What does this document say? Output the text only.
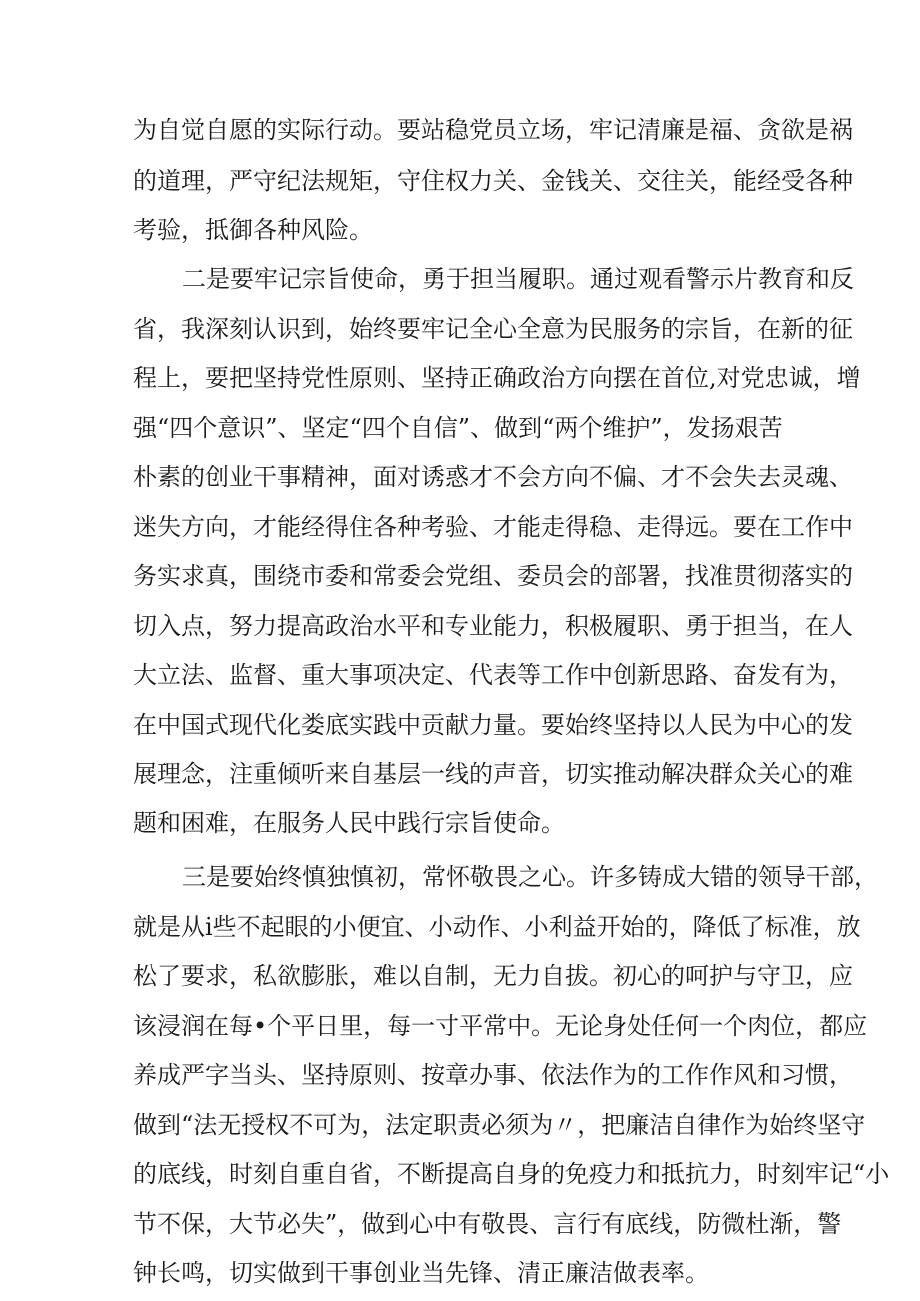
为自觉自愿的实际行动。要站稳党员立场，牢记清廉是福、贪欲是祸
的道理，严守纪法规矩，守住权力关、金钱关、交往关，能经受各种
考验，抵御各种风险。
二是要牢记宗旨使命，勇于担当履职。通过观看警示片教育和反
省，我深刻认识到，始终要牢记全心全意为民服务的宗旨，在新的征
程上，要把坚持党性原则、坚持正确政治方向摆在首位,对党忠诚，增
强“四个意识”、坚定“四个自信”、做到“两个维护”，发扬艰苦
朴素的创业干事精神，面对诱惑才不会方向不偏、才不会失去灵魂、
迷失方向，才能经得住各种考验、才能走得稳、走得远。要在工作中
务实求真，围绕市委和常委会党组、委员会的部署，找准贯彻落实的
切入点，努力提高政治水平和专业能力，积极履职、勇于担当，在人
大立法、监督、重大事项决定、代表等工作中创新思路、奋发有为，
在中国式现代化娄底实践中贡献力量。要始终坚持以人民为中心的发
展理念，注重倾听来自基层一线的声音，切实推动解决群众关心的难
题和困难，在服务人民中践行宗旨使命。
三是要始终慎独慎初，常怀敬畏之心。许多铸成大错的领导干部，
就是从i些不起眼的小便宜、小动作、小利益开始的，降低了标准，放
松了要求，私欲膨胀，难以自制，无力自拔。初心的呵护与守卫，应
该浸润在每•个平日里，每一寸平常中。无论身处任何一个肉位，都应
养成严字当头、坚持原则、按章办事、依法作为的工作作风和习惯，
做到“法无授权不可为，法定职责必须为〃，把廉洁自律作为始终坚守
的底线，时刻自重自省，不断提高自身的免疫力和抵抗力，时刻牢记“小
节不保，大节必失”，做到心中有敬畏、言行有底线，防微杜渐，警
钟长鸣，切实做到干事创业当先锋、清正廉洁做表率。
